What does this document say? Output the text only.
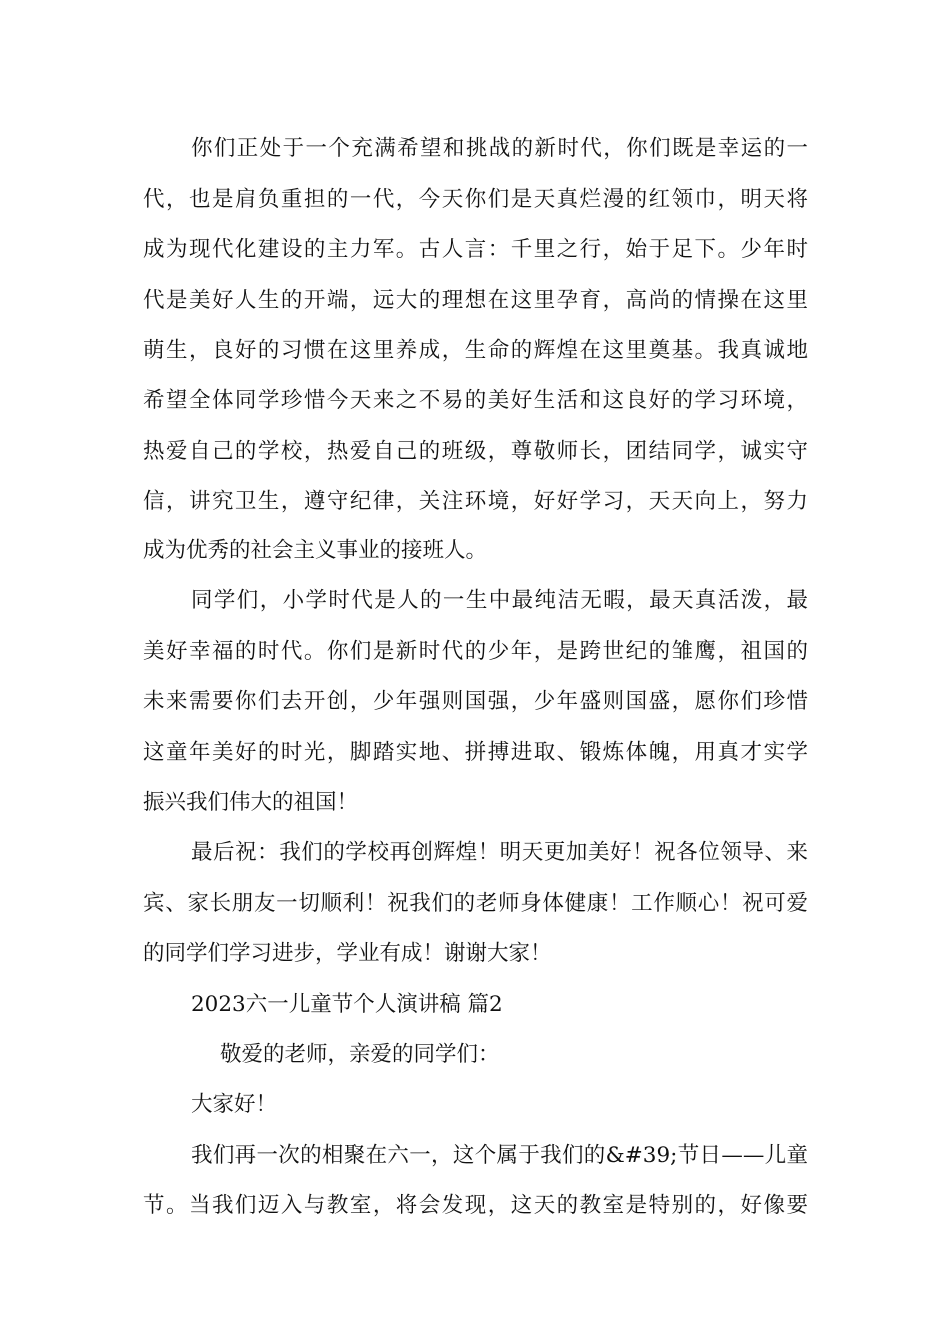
你们正处于一个充满希望和挑战的新时代，你们既是幸运的一
代，也是肩负重担的一代，今天你们是天真烂漫的红领巾，明天将
成为现代化建设的主力军。古人言：千里之行，始于足下。少年时
代是美好人生的开端，远大的理想在这里孕育，高尚的情操在这里
萌生，良好的习惯在这里养成，生命的辉煌在这里奠基。我真诚地
希望全体同学珍惜今天来之不易的美好生活和这良好的学习环境，
热爱自己的学校，热爱自己的班级，尊敬师长，团结同学，诚实守
信，讲究卫生，遵守纪律，关注环境，好好学习，天天向上，努力
成为优秀的社会主义事业的接班人。
同学们，小学时代是人的一生中最纯洁无暇，最天真活泼，最
美好幸福的时代。你们是新时代的少年，是跨世纪的雏鹰，祖国的
未来需要你们去开创，少年强则国强，少年盛则国盛，愿你们珍惜
这童年美好的时光，脚踏实地、拼搏进取、锻炼体魄，用真才实学
振兴我们伟大的祖国！
最后祝：我们的学校再创辉煌！明天更加美好！祝各位领导、来
宾、家长朋友一切顺利！祝我们的老师身体健康！工作顺心！祝可爱
的同学们学习进步，学业有成！谢谢大家！
2023六一儿童节个人演讲稿 篇2
敬爱的老师，亲爱的同学们：
大家好！
我们再一次的相聚在六一，这个属于我们的&#39;节日——儿童
节。当我们迈入与教室，将会发现，这天的教室是特别的，好像要
